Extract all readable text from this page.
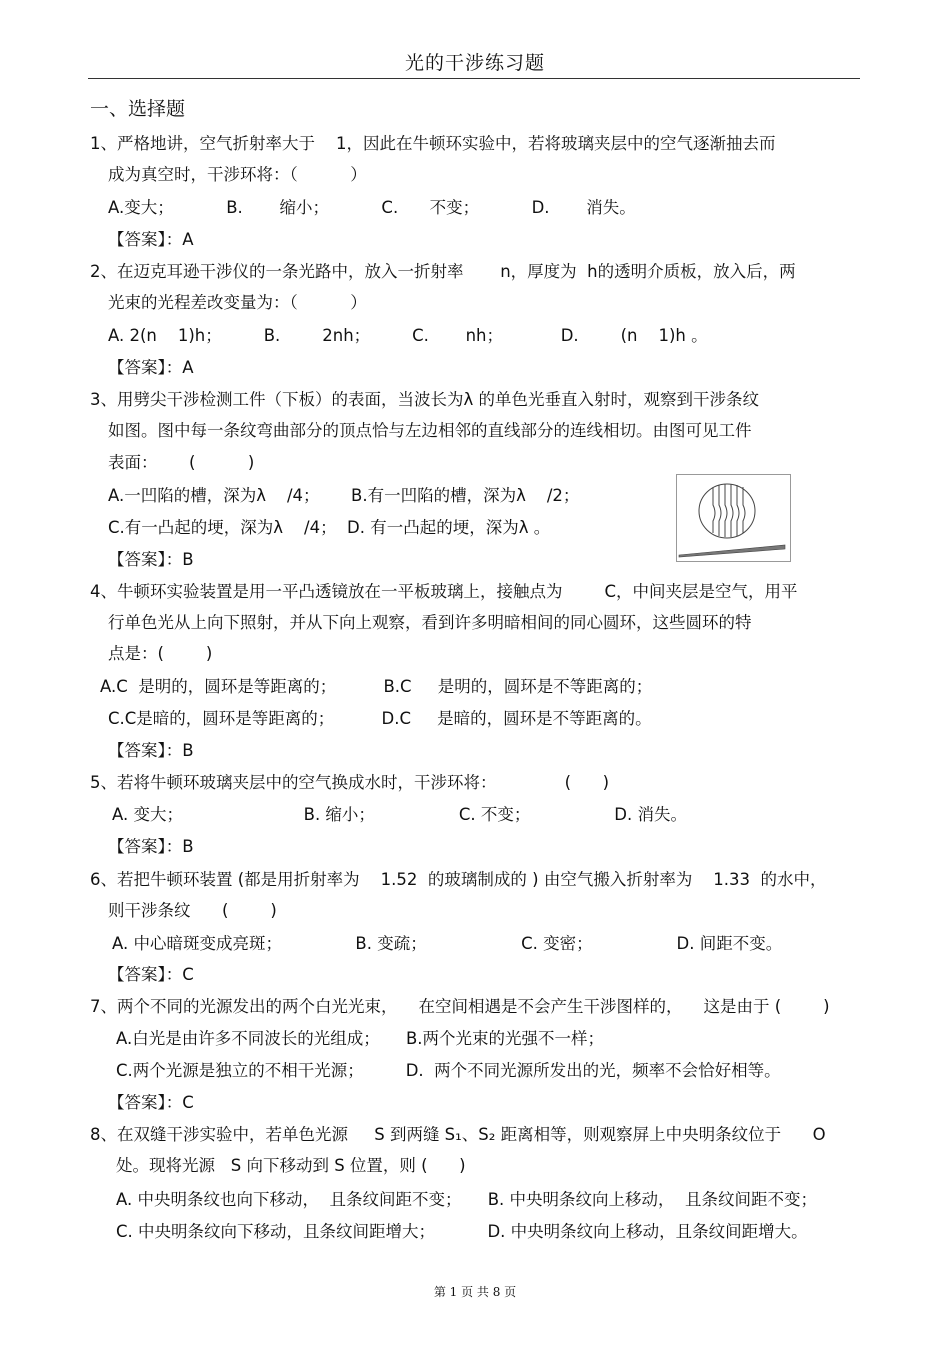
光的干涉练习题
一、选择题
1、严格地讲，空气折射率大于    1，因此在牛顿环实验中，若将玻璃夹层中的空气逐渐抽去而
成为真空时，干涉环将：（          ）
A.变大；          B.       缩小；          C.      不变；          D.       消失。
【答案】：A
2、在迈克耳逊干涉仪的一条光路中，放入一折射率       n，厚度为  h的透明介质板，放入后，两
光束的光程差改变量为：（          ）
A. 2(n    1)h；        B.        2nh；        C.       nh；           D.        (n    1)h 。
【答案】：A
3、用劈尖干涉检测工件（下板）的表面，当波长为λ 的单色光垂直入射时，观察到干涉条纹
如图。图中每一条纹弯曲部分的顶点恰与左边相邻的直线部分的连线相切。由图可见工件
表面：      (          )
A.一凹陷的槽，深为λ    /4；      B.有一凹陷的槽，深为λ    /2；
C.有一凸起的埂，深为λ    /4；  D. 有一凸起的埂，深为λ 。
【答案】：B
4、牛顿环实验装置是用一平凸透镜放在一平板玻璃上，接触点为        C，中间夹层是空气，用平
行单色光从上向下照射，并从下向上观察，看到许多明暗相间的同心圆环，这些圆环的特
点是：(        )
A.C  是明的，圆环是等距离的；         B.C     是明的，圆环是不等距离的；
C.C是暗的，圆环是等距离的；         D.C     是暗的，圆环是不等距离的。
【答案】：B
5、若将牛顿环玻璃夹层中的空气换成水时，干涉环将：             (      )
A. 变大；                       B. 缩小；                C. 不变；                D. 消失。
【答案】：B
6、若把牛顿环装置 (都是用折射率为    1.52  的玻璃制成的 ) 由空气搬入折射率为    1.33  的水中，
则干涉条纹      (        )
A. 中心暗斑变成亮斑；              B. 变疏；                  C. 变密；                D. 间距不变。
【答案】：C
7、两个不同的光源发出的两个白光光束，    在空间相遇是不会产生干涉图样的，    这是由于 (        )
A.白光是由许多不同波长的光组成；     B.两个光束的光强不一样；
C.两个光源是独立的不相干光源；        D.  两个不同光源所发出的光，频率不会恰好相等。
【答案】：C
8、在双缝干涉实验中，若单色光源     S 到两缝 S₁、S₂ 距离相等，则观察屏上中央明条纹位于      O
处。现将光源   S 向下移动到 S 位置，则 (      )
A. 中央明条纹也向下移动，  且条纹间距不变；     B. 中央明条纹向上移动，  且条纹间距不变；
C. 中央明条纹向下移动，且条纹间距增大；          D. 中央明条纹向上移动，且条纹间距增大。
第 1 页 共 8 页
